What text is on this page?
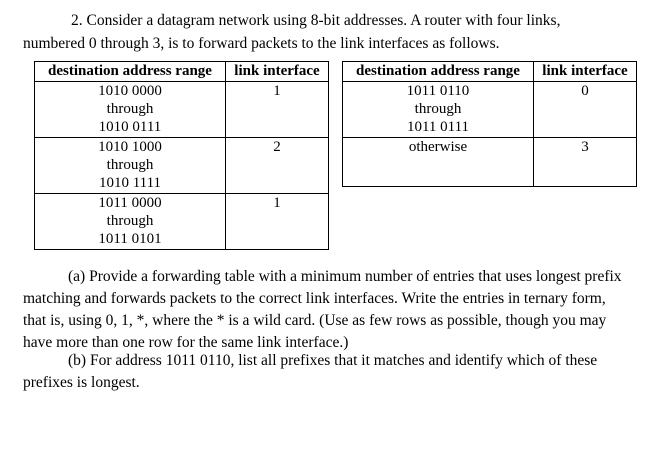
2. Consider a datagram network using 8-bit addresses. A router with four links,
numbered 0 through 3, is to forward packets to the link interfaces as follows.
destination address range	link interface

1010 0000
through
1010 0111	1

1010 1000
through
1010 1111	2

1011 0000
through
1011 0101	1
destination address range	link interface

1011 0110
through
1011 0111	0

otherwise	3
(a) Provide a forwarding table with a minimum number of entries that uses longest prefix
matching and forwards packets to the correct link interfaces. Write the entries in ternary form,
that is, using 0, 1, *, where the * is a wild card. (Use as few rows as possible, though you may
have more than one row for the same link interface.)
(b) For address 1011 0110, list all prefixes that it matches and identify which of these
prefixes is longest.
